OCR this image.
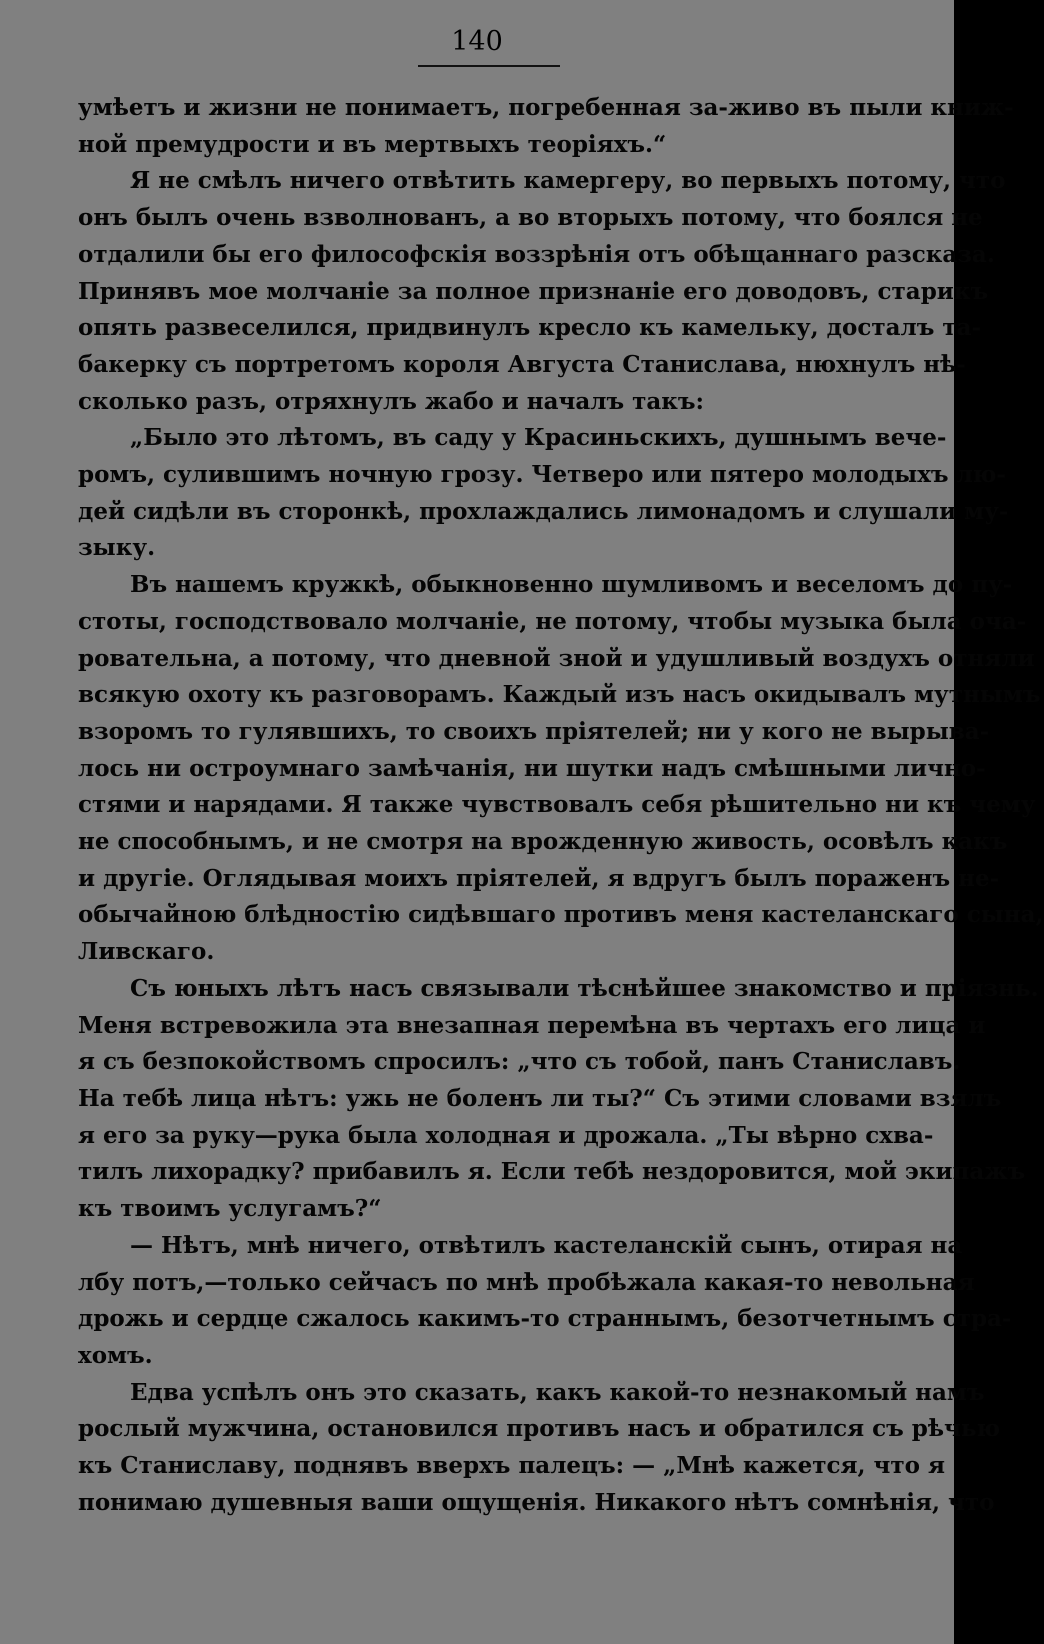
140
умѣетъ и жизни не понимаетъ, погребенная за-живо въ пыли книж-
ной премудрости и въ мертвыхъ теоріяхъ.“
Я не смѣлъ ничего отвѣтить камергеру, во первыхъ потому, что
онъ былъ очень взволнованъ, а во вторыхъ потому, что боялся не
отдалили бы его философскія воззрѣнія отъ обѣщаннаго разсказа.
Принявъ мое молчаніе за полное признаніе его доводовъ, старикъ
опять развеселился, придвинулъ кресло къ камельку, досталъ та-
бакерку съ портретомъ короля Августа Станислава, нюхнулъ нѣ-
сколько разъ, отряхнулъ жабо и началъ такъ:
„Было это лѣтомъ, въ саду у Красиньскихъ, душнымъ вече-
ромъ, сулившимъ ночную грозу. Четверо или пятеро молодыхъ лю-
дей сидѣли въ сторонкѣ, прохлаждались лимонадомъ и слушали му-
зыку.
Въ нашемъ кружкѣ, обыкновенно шумливомъ и веселомъ до пу-
стоты, господствовало молчаніе, не потому, чтобы музыка была оча-
ровательна, а потому, что дневной зной и удушливый воздухъ отняли
всякую охоту къ разговорамъ. Каждый изъ насъ окидывалъ мутнымъ
взоромъ то гулявшихъ, то своихъ пріятелей; ни у кого не вырыва-
лось ни остроумнаго замѣчанія, ни шутки надъ смѣшными лично-
стями и нарядами. Я также чувствовалъ себя рѣшительно ни къ чему
не способнымъ, и не смотря на врожденную живость, осовѣлъ какъ
и другіе. Оглядывая моихъ пріятелей, я вдругъ былъ пораженъ не-
обычайною блѣдностію сидѣвшаго противъ меня кастеланскаго сына,
Ливскаго.
Съ юныхъ лѣтъ насъ связывали тѣснѣйшее знакомство и пріязнь.
Меня встревожила эта внезапная перемѣна въ чертахъ его лица и
я съ безпокойствомъ спросилъ: „что съ тобой, панъ Станиславъ.
На тебѣ лица нѣтъ: ужь не боленъ ли ты?“ Съ этими словами взялъ
я его за руку—рука была холодная и дрожала. „Ты вѣрно схва-
тилъ лихорадку? прибавилъ я. Если тебѣ нездоровится, мой экипажъ
къ твоимъ услугамъ?“
— Нѣтъ, мнѣ ничего, отвѣтилъ кастеланскій сынъ, отирая на
лбу потъ,—только сейчасъ по мнѣ пробѣжала какая-то невольная
дрожь и сердце сжалось какимъ-то страннымъ, безотчетнымъ стра-
хомъ.
Едва успѣлъ онъ это сказать, какъ какой-то незнакомый намъ
рослый мужчина, остановился противъ насъ и обратился съ рѣчью
къ Станиславу, поднявъ вверхъ палецъ: — „Мнѣ кажется, что я
понимаю душевныя ваши ощущенія. Никакого нѣтъ сомнѣнія, что
